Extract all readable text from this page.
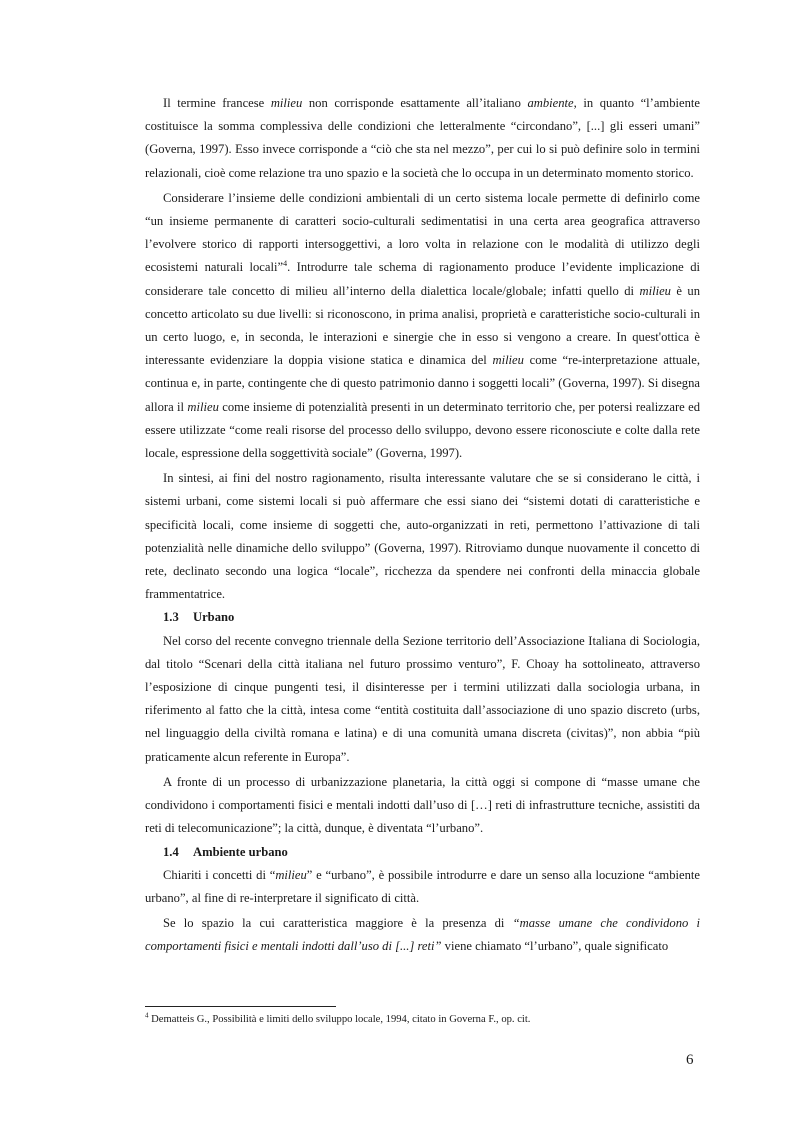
Il termine francese milieu non corrisponde esattamente all’italiano ambiente, in quanto “l’ambiente costituisce la somma complessiva delle condizioni che letteralmente “circondano”, [...] gli esseri umani” (Governa, 1997). Esso invece corrisponde a “ciò che sta nel mezzo”, per cui lo si può definire solo in termini relazionali, cioè come relazione tra uno spazio e la società che lo occupa in un determinato momento storico.

Considerare l’insieme delle condizioni ambientali di un certo sistema locale permette di definirlo come “un insieme permanente di caratteri socio-culturali sedimentatisi in una certa area geografica attraverso l’evolvere storico di rapporti intersoggettivi, a loro volta in relazione con le modalità di utilizzo degli ecosistemi naturali locali”$^4$. Introdurre tale schema di ragionamento produce l’evidente implicazione di considerare tale concetto di milieu all’interno della dialettica locale/globale; infatti quello di milieu è un concetto articolato su due livelli: si riconoscono, in prima analisi, proprietà e caratteristiche socio-culturali in un certo luogo, e, in seconda, le interazioni e sinergie che in esso si vengono a creare. In quest'ottica è interessante evidenziare la doppia visione statica e dinamica del milieu come “re-interpretazione attuale, continua e, in parte, contingente che di questo patrimonio danno i soggetti locali” (Governa, 1997). Si disegna allora il milieu come insieme di potenzialità presenti in un determinato territorio che, per potersi realizzare ed essere utilizzate “come reali risorse del processo dello sviluppo, devono essere riconosciute e colte dalla rete locale, espressione della soggettività sociale” (Governa, 1997).

In sintesi, ai fini del nostro ragionamento, risulta interessante valutare che se si considerano le città, i sistemi urbani, come sistemi locali si può affermare che essi siano dei “sistemi dotati di caratteristiche e specificità locali, come insieme di soggetti che, auto-organizzati in reti, permettono l’attivazione di tali potenzialità nelle dinamiche dello sviluppo” (Governa, 1997). Ritroviamo dunque nuovamente il concetto di rete, declinato secondo una logica “locale”, ricchezza da spendere nei confronti della minaccia globale frammentatrice.

1.3 Urbano

Nel corso del recente convegno triennale della Sezione territorio dell’Associazione Italiana di Sociologia, dal titolo “Scenari della città italiana nel futuro prossimo venturo”, F. Choay ha sottolineato, attraverso l’esposizione di cinque pungenti tesi, il disinteresse per i termini utilizzati dalla sociologia urbana, in riferimento al fatto che la città, intesa come “entità costituita dall’associazione di uno spazio discreto (urbs, nel linguaggio della civiltà romana e latina) e di una comunità umana discreta (civitas)”, non abbia “più praticamente alcun referente in Europa”.

A fronte di un processo di urbanizzazione planetaria, la città oggi si compone di “masse umane che condividono i comportamenti fisici e mentali indotti dall’uso di […] reti di infrastrutture tecniche, assistiti da reti di telecomunicazione”; la città, dunque, è diventata “l’urbano”.

1.4 Ambiente urbano

Chiariti i concetti di “milieu” e “urbano”, è possibile introdurre e dare un senso alla locuzione “ambiente urbano”, al fine di re-interpretare il significato di città.

Se lo spazio la cui caratteristica maggiore è la presenza di “masse umane che condividono i comportamenti fisici e mentali indotti dall’uso di [...] reti” viene chiamato “l’urbano”, quale significato

$^4$ Dematteis G., Possibilità e limiti dello sviluppo locale, 1994, citato in Governa F., op. cit.
6
